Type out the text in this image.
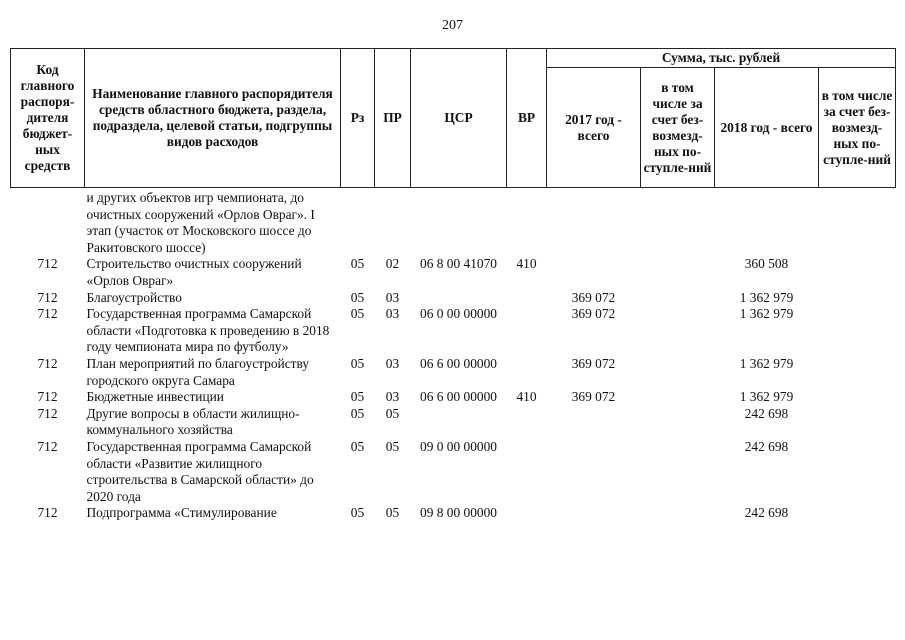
207
Код главного распоря-дителя бюджет-ных средств	Наименование главного распорядителя средств областного бюджета, раздела, подраздела, целевой статьи, подгруппы видов расходов	Рз	ПР	ЦСР	ВР	Сумма, тыс. рублей			
						2017 год - всего	в том числе за счет без-возмезд-ных по-ступле-ний	2018 год - всего	в том числе за счет без-возмезд-ных по-ступле-ний
	и других объектов игр чемпионата, до очистных сооружений «Орлов Овраг». I этап (участок от Московского шоссе до Ракитовского шоссе)								
712	Строительство очистных сооружений «Орлов Овраг»	05	02	06 8 00 41070	410			360 508	
712	Благоустройство	05	03			369 072		1 362 979	
712	Государственная программа Самарской области «Подготовка к проведению в 2018 году чемпионата мира по футболу»	05	03	06 0 00 00000		369 072		1 362 979	
712	План мероприятий по благоустройству городского округа Самара	05	03	06 6 00 00000		369 072		1 362 979	
712	Бюджетные инвестиции	05	03	06 6 00 00000	410	369 072		1 362 979	
712	Другие вопросы в области жилищно-коммунального хозяйства	05	05					242 698	
712	Государственная программа Самарской области «Развитие жилищного строительства в Самарской области» до 2020 года	05	05	09 0 00 00000				242 698	
712	Подпрограмма «Стимулирование	05	05	09 8 00 00000				242 698	
